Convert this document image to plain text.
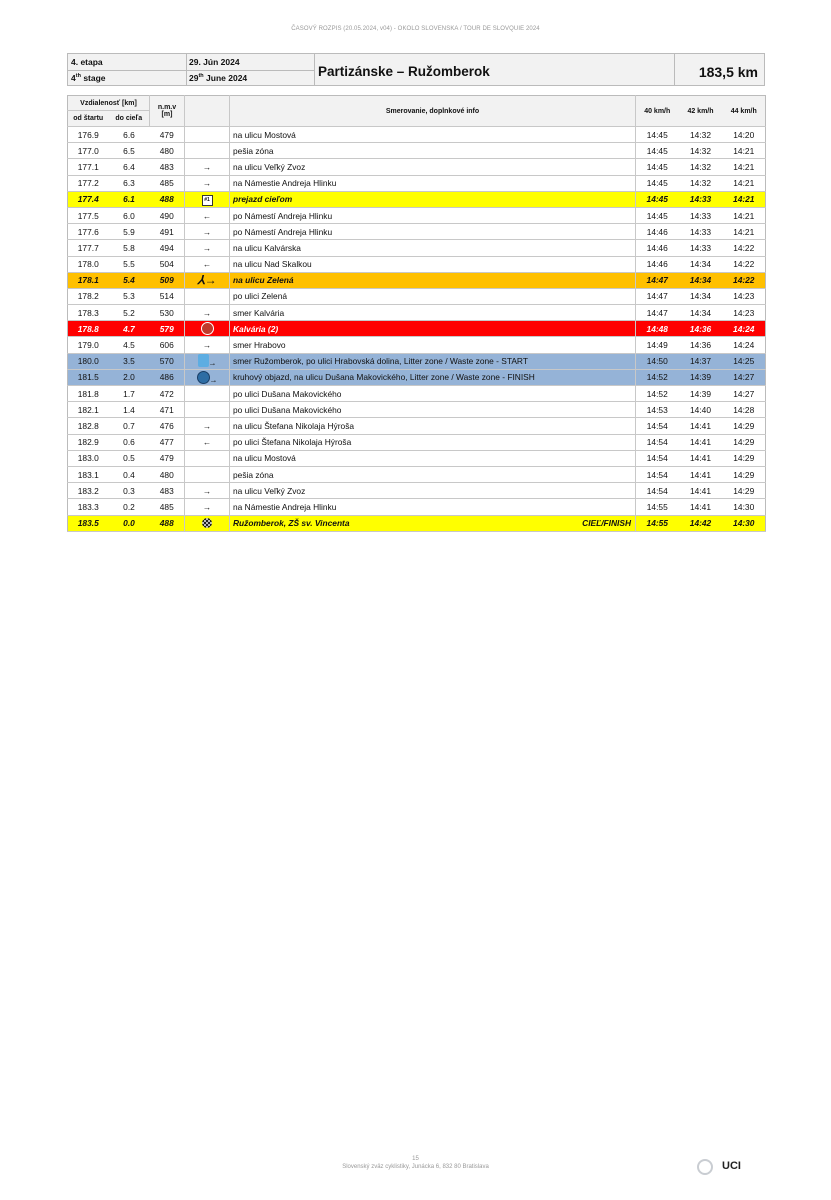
ČASOVÝ ROZPIS (20.05.2024, v04) - OKOLO SLOVENSKA / TOUR DE SLOVQUIE 2024
4. etapa
4th stage
29. Jún 2024
29th June 2024	Partizánske – Ružomberok	183,5 km
Vzdialenosť [km]		n.m.v [m]		Smerovanie, doplnkové info	40 km/h	42 km/h	44 km/h
od štartu	do cieľa						
176.9	6.6	479		na ulicu Mostová	14:45	14:32	14:20
177.0	6.5	480		pešia zóna	14:45	14:32	14:21
177.1	6.4	483	→	na ulicu Veľký Zvoz	14:45	14:32	14:21
177.2	6.3	485	→	na Námestie Andreja Hlinku	14:45	14:32	14:21
177.4	6.1	488	#1	prejazd cieľom	14:45	14:33	14:21
177.5	6.0	490	←	po Námestí Andreja Hlinku	14:45	14:33	14:21
177.6	5.9	491	→	po Námestí Andreja Hlinku	14:46	14:33	14:21
177.7	5.8	494	→	na ulicu Kalvárska	14:46	14:33	14:22
178.0	5.5	504	←	na ulicu Nad Skalkou	14:46	14:34	14:22
178.1	5.4	509	⅄→	na ulicu Zelená	14:47	14:34	14:22
178.2	5.3	514		po ulici Zelená	14:47	14:34	14:23
178.3	5.2	530	→	smer Kalvária	14:47	14:34	14:23
178.8	4.7	579		Kalvária (2)	14:48	14:36	14:24
179.0	4.5	606	→	smer Hrabovo	14:49	14:36	14:24
180.0	3.5	570	→	smer Ružomberok, po ulici Hrabovská dolina, Litter zone / Waste zone - START	14:50	14:37	14:25
181.5	2.0	486	→	kruhový objazd, na ulicu Dušana Makovického, Litter zone / Waste zone - FINISH	14:52	14:39	14:27
181.8	1.7	472		po ulici Dušana Makovického	14:52	14:39	14:27
182.1	1.4	471		po ulici Dušana Makovického	14:53	14:40	14:28
182.8	0.7	476	→	na ulicu Štefana Nikolaja Hýroša	14:54	14:41	14:29
182.9	0.6	477	←	po ulici Štefana Nikolaja Hýroša	14:54	14:41	14:29
183.0	0.5	479		na ulicu Mostová	14:54	14:41	14:29
183.1	0.4	480		pešia zóna	14:54	14:41	14:29
183.2	0.3	483	→	na ulicu Veľký Zvoz	14:54	14:41	14:29
183.3	0.2	485	→	na Námestie Andreja Hlinku	14:55	14:41	14:30
183.5	0.0	488		Ružomberok, ZŠ sv. Vincenta CIEĽ/FINISH	14:55	14:42	14:30
15
Slovenský zväz cyklistiky, Junácka 6, 832 80 Bratislava	UCI
